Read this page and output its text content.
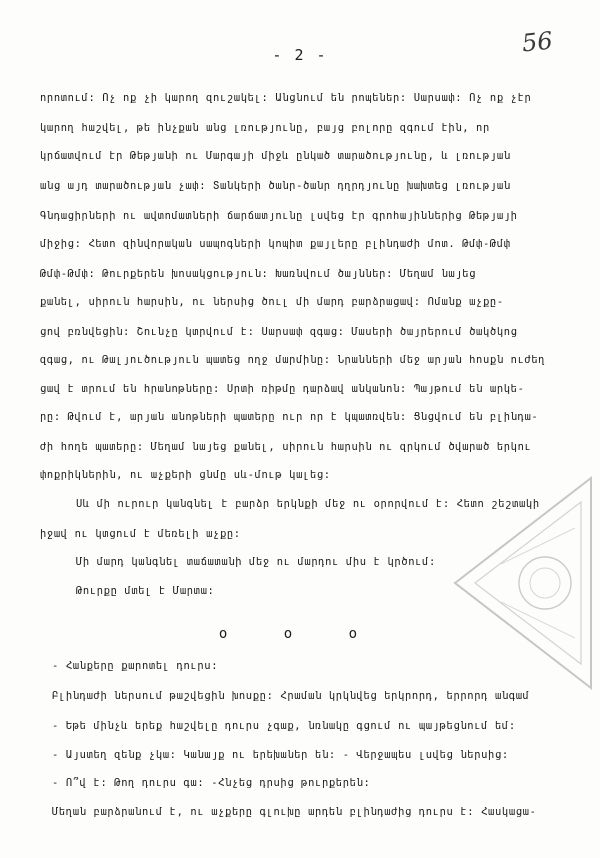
56
- 2 -
որոտում: Ոչ ոք չի կարող զուշակել: Անցնում են րոպեներ: Սարսափ: Ոչ ոք չէր
կարող հաշվել, թե ինչքան անց լռությունը, բայց բոլորը զգում էին, որ
կրճատվում էր Թեթյանի ու Մարգայի միջև ընկած տարածությունը, և լռության
անց այդ տարածության չափ: Տանկերի ծանր-ծանր դղրդյունը խախտեց լռության
Գնդացիրների ու ավտոմատների ճարճատյունը լսվեց էր գրոհայիններից Թեթյայի
միջից: Հետո զինվորական սապոգների կոպիտ քայլերը բլինդաժի մոտ. Թմփ-Թմփ
Թմփ-Թմփ: Թուրքերեն խոսակցություն: Խառնվում ծայններ: Մեղամ նայեց
քանել, սիրուն հարսին, ու ներսից ծուլ մի մարդ բարձրացավ: Ոմանք աչքը-
ցով բռնվեցին: Շունչը կտրվում է: Սարսափ զգաց: Մասերի ծայրերում ծակծկոց
զգաց, ու Թալյուծություն պատեց ողջ մարմինը: Նրանների մեջ արյան հոսքն ուժեղ
ցավ է տրում են հրանոթները: Սրտի ռիթմը դարձավ անկանոն: Պայթում են արկե-
րը: Թվում է, արյան անոթների պատերը ուր որ է կպատռվեն: Ցնցվում են բլինդա-
ժի հողե պատերը: Մեղամ նայեց քանել, սիրուն հարսին ու զրկում ծվարած երկու
փոքրիկներին, ու աչքերի ցնմը սև-մութ կալեց:
Սև մի ուրուր կանգնել է բարձր երկնքի մեջ ու օրորվում է: Հետո շեշտակի
իջավ ու կտցում է մեռելի աչքը:
Մի մարդ կանգնել տաճատանի մեջ ու մարդու միս է կրծում:
Թուրքը մտել է Մարտա:
- Հանքերը քարոտել դուրս:
Բլինդաժի ներսում թաշվեցին խոսքը: Հրաման կրկնվեց երկրորդ, երրորդ անգամ
- Եթե մինչև երեք հաշվելը դուրս չգաք, նռնակը գցում ու պայթեցնում եմ:
- Այստեղ զենք չկա: Կանայք ու երեխաներ են: - Վերջապես լսվեց ներսից:
- Ո՞վ է: Թող դուրս գա: -Հնչեց դրսից թուրքերեն:
Մեղան բարձրանում է, ու աչքերը գլուխը արդեն բլինդաժից դուրս է: Հասկացա-
o o o
